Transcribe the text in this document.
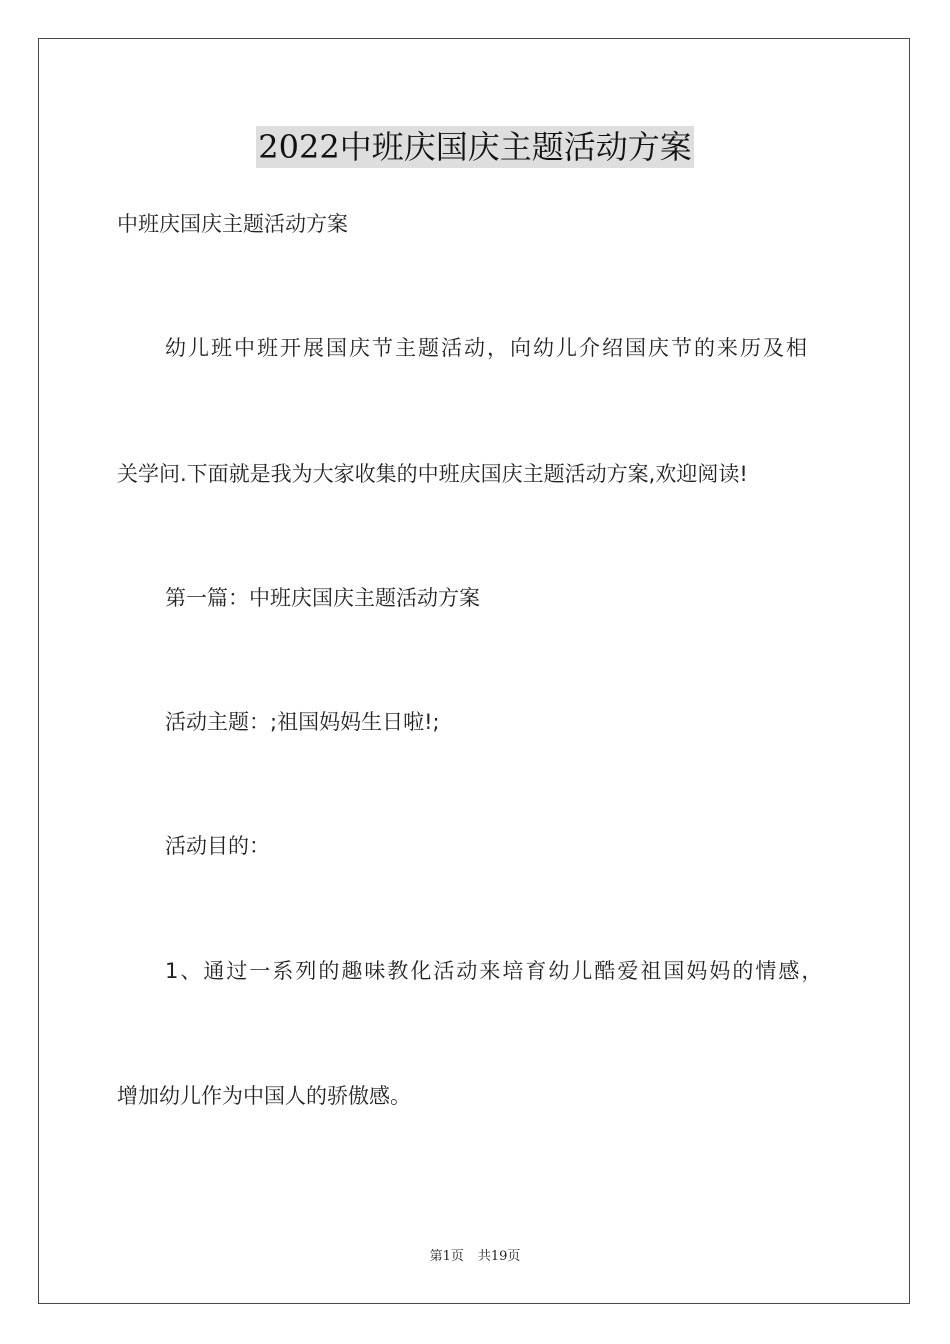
2022中班庆国庆主题活动方案
中班庆国庆主题活动方案
幼儿班中班开展国庆节主题活动，向幼儿介绍国庆节的来历及相
关学问.下面就是我为大家收集的中班庆国庆主题活动方案,欢迎阅读!
第一篇：中班庆国庆主题活动方案
活动主题：;祖国妈妈生日啦!;
活动目的：
1、通过一系列的趣味教化活动来培育幼儿酷爱祖国妈妈的情感，
增加幼儿作为中国人的骄傲感。
第1页 共19页
